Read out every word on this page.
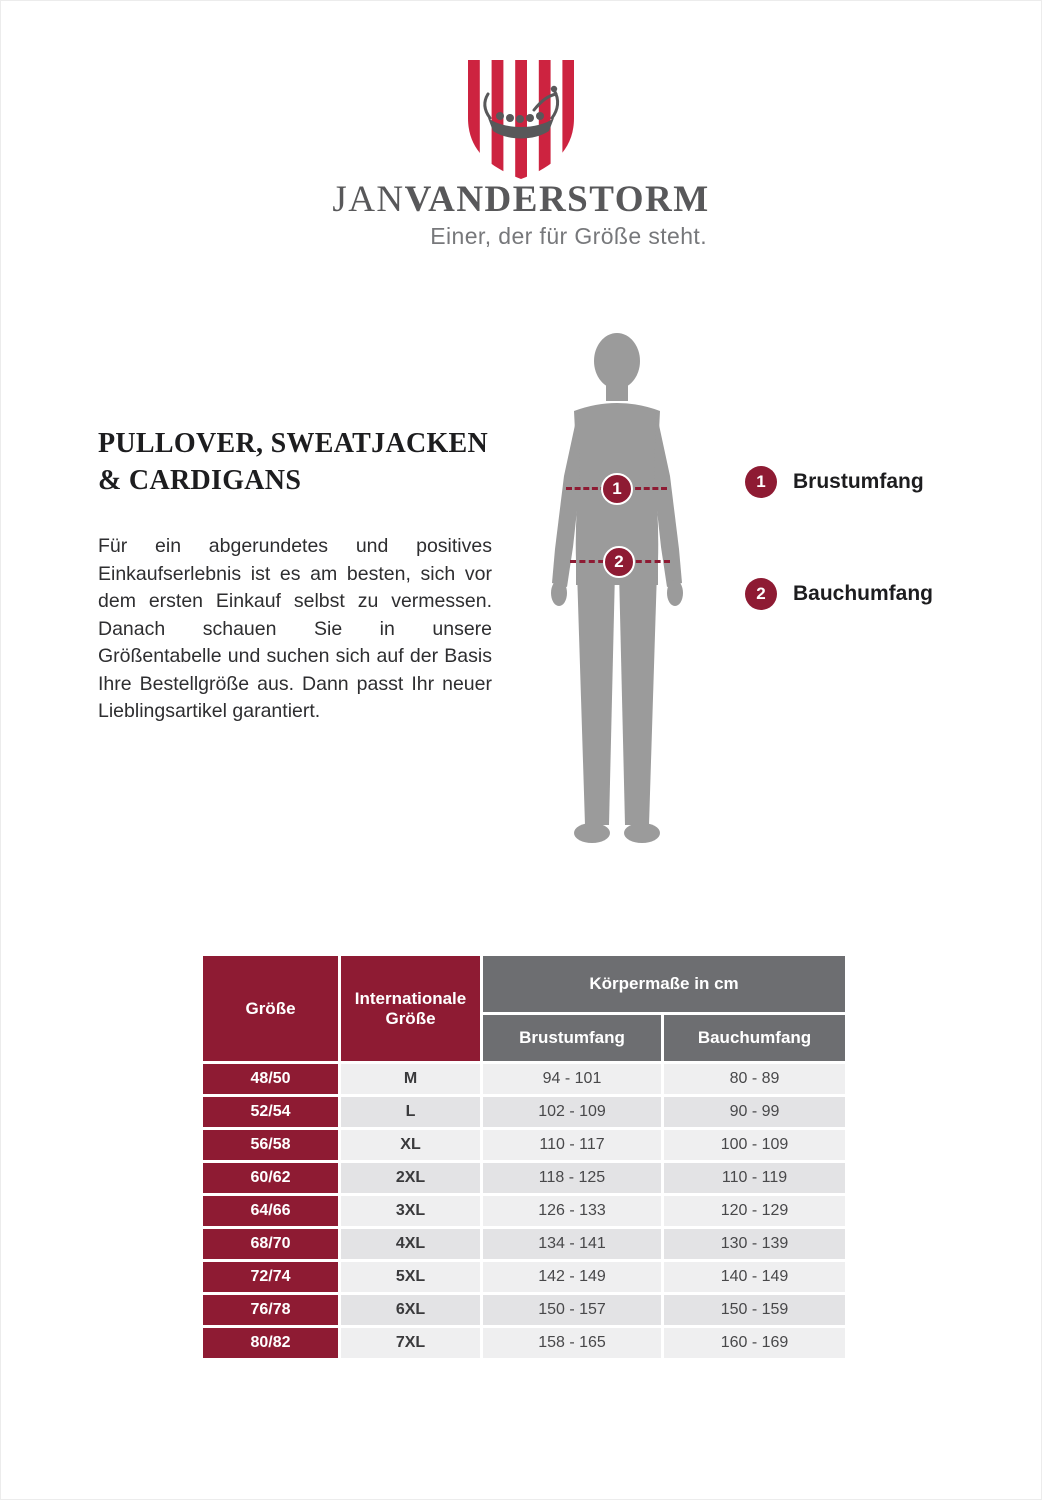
JANVANDERSTORM
Einer, der für Größe steht.
PULLOVER, SWEATJACKEN
& CARDIGANS
Für ein abgerundetes und positives Einkaufserlebnis ist es am besten, sich vor dem ersten Einkauf selbst zu vermessen. Danach schauen Sie in unsere Größentabelle und suchen sich auf der Basis Ihre Bestellgröße aus. Dann passt Ihr neuer Lieblingsartikel garantiert.
1
2
1	Brustumfang
2	Bauchumfang
Größe	Internationale Größe	Körpermaße in cm	
		Brustumfang	Bauchumfang
48/50	M	94 - 101	80 - 89
52/54	L	102 - 109	90 - 99
56/58	XL	110 - 117	100 - 109
60/62	2XL	118 - 125	110 - 119
64/66	3XL	126 - 133	120 - 129
68/70	4XL	134 - 141	130 - 139
72/74	5XL	142 - 149	140 - 149
76/78	6XL	150 - 157	150 - 159
80/82	7XL	158 - 165	160 - 169
